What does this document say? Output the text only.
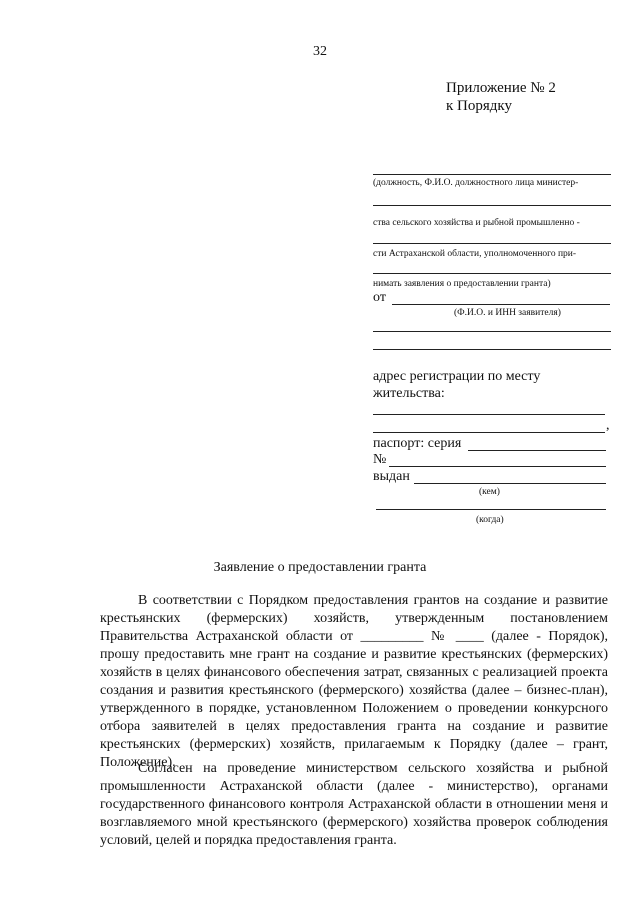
32
Приложение № 2
к Порядку
(должность, Ф.И.О. должностного лица министер-
ства сельского хозяйства и рыбной промышленно -
сти Астраханской области, уполномоченного при-
нимать заявления о предоставлении гранта)
от
(Ф.И.О. и ИНН заявителя)
адрес регистрации по месту
жительства:
,
паспорт: серия
№
выдан
(кем)
(когда)
Заявление о предоставлении гранта
В соответствии с Порядком предоставления грантов на создание и развитие крестьянских (фермерских) хозяйств, утвержденным постановлением Правительства Астраханской области от _________ № ____ (далее - Порядок), прошу предоставить мне грант на создание и развитие крестьянских (фермерских) хозяйств в целях финансового обеспечения затрат, связанных с реализацией проекта создания и развития крестьянского (фермерского) хозяйства (далее – бизнес-план), утвержденного в порядке, установленном Положением о проведении конкурсного отбора заявителей в целях предоставления гранта на создание и развитие крестьянских (фермерских) хозяйств, прилагаемым к Порядку (далее – грант, Положение).
Согласен на проведение министерством сельского хозяйства и рыбной промышленности Астраханской области (далее - министерство), органами государственного финансового контроля Астраханской области в отношении меня и возглавляемого мной крестьянского (фермерского) хозяйства проверок соблюдения условий, целей и порядка предоставления гранта.
